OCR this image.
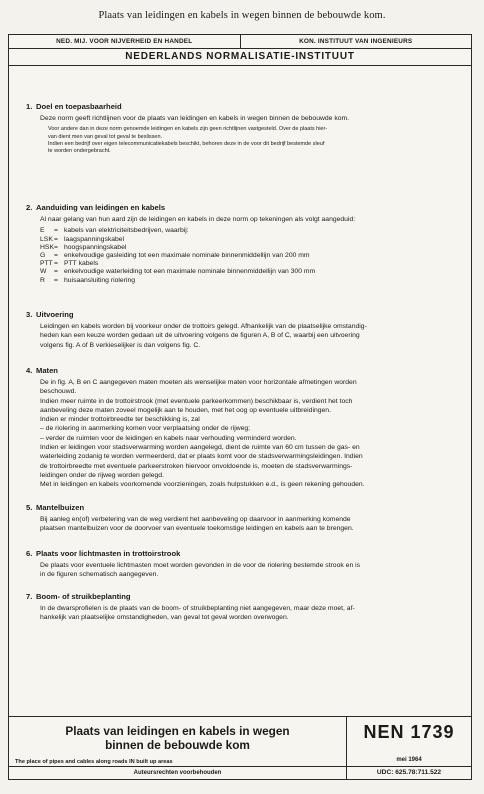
Plaats van leidingen en kabels in wegen binnen de bebouwde kom.
NED. MIJ. VOOR NIJVERHEID EN HANDEL	KON. INSTITUUT VAN INGENIEURS
NEDERLANDS NORMALISATIE-INSTITUUT
1. Doel en toepasbaarheid

Deze norm geeft richtlijnen voor de plaats van leidingen en kabels in wegen binnen de bebouwde kom.

Voor andere dan in deze norm genoemde leidingen en kabels zijn geen richtlijnen vastgesteld. Over de plaats hier-

van dient men van geval tot geval te beslissen.

Indien een bedrijf over eigen telecommunicatiekabels beschikt, behoren deze in de voor dit bedrijf bestemde sleuf

te worden ondergebracht.

2. Aanduiding van leidingen en kabels

Al naar gelang van hun aard zijn de leidingen en kabels in deze norm op tekeningen als volgt aangeduid:

E	= kabels van elektriciteitsbedrijven, waarbij:
LSK = laagspanningskabel
HSK = hoogspanningskabel
G	= enkelvoudige gasleiding tot een maximale nominale binnenmiddellijn van 200 mm
PTT = PTT kabels
W	= enkelvoudige waterleiding tot een maximale nominale binnenmiddellijn van 300 mm
R	= huisaansluiting riolering
3. Uitvoering

Leidingen en kabels worden bij voorkeur onder de trottoirs gelegd. Afhankelijk van de plaatselijke omstandig-

heden kan een keuze worden gedaan uit de uitvoering volgens de figuren A, B of C, waarbij een uitvoering

volgens fig. A of B verkieselijker is dan volgens fig. C.

4. Maten

De in fig. A, B en C aangegeven maten moeten als wenselijke maten voor horizontale afmetingen worden

beschouwd.

Indien meer ruimte in de trottoirstrook (met eventuele parkeerkommen) beschikbaar is, verdient het toch

aanbeveling deze maten zoveel mogelijk aan te houden, met het oog op eventuele uitbreidingen.

Indien er minder trottoirbreedte ter beschikking is, zal

– de riolering in aanmerking komen voor verplaatsing onder de rijweg;

– verder de ruimten voor de leidingen en kabels naar verhouding verminderd worden.

Indien er leidingen voor stadsverwarming worden aangelegd, dient de ruimte van 60 cm tussen de gas- en

waterleiding zodanig te worden vermeerderd, dat er plaats komt voor de stadsverwarmingsleidingen. Indien

de trottoirbreedte met eventuele parkeerstroken hiervoor onvoldoende is, moeten de stadsverwarmings-

leidingen onder de rijweg worden gelegd.

Met in leidingen en kabels voorkomende voorzieningen, zoals hulpstukken e.d., is geen rekening gehouden.

5. Mantelbuizen

Bij aanleg en(of) verbetering van de weg verdient het aanbeveling op daarvoor in aanmerking komende

plaatsen mantelbuizen voor de doorvoer van eventuele toekomstige leidingen en kabels aan te brengen.

6. Plaats voor lichtmasten in trottoirstrook

De plaats voor eventuele lichtmasten moet worden gevonden in de voor de riolering bestemde strook en is

in de figuren schematisch aangegeven.

7. Boom- of struikbeplanting

In de dwarsprofielen is de plaats van de boom- of struikbeplanting niet aangegeven, maar deze moet, af-

hankelijk van plaatselijke omstandigheden, van geval tot geval worden overwogen.

Plaats van leidingen en kabels in wegen
binnen de bebouwde kom
The place of pipes and cables along roads IN built up areas
Auteursrechten voorbehouden
NEN 1739
mei 1964
UDC: 625.78:711.522
